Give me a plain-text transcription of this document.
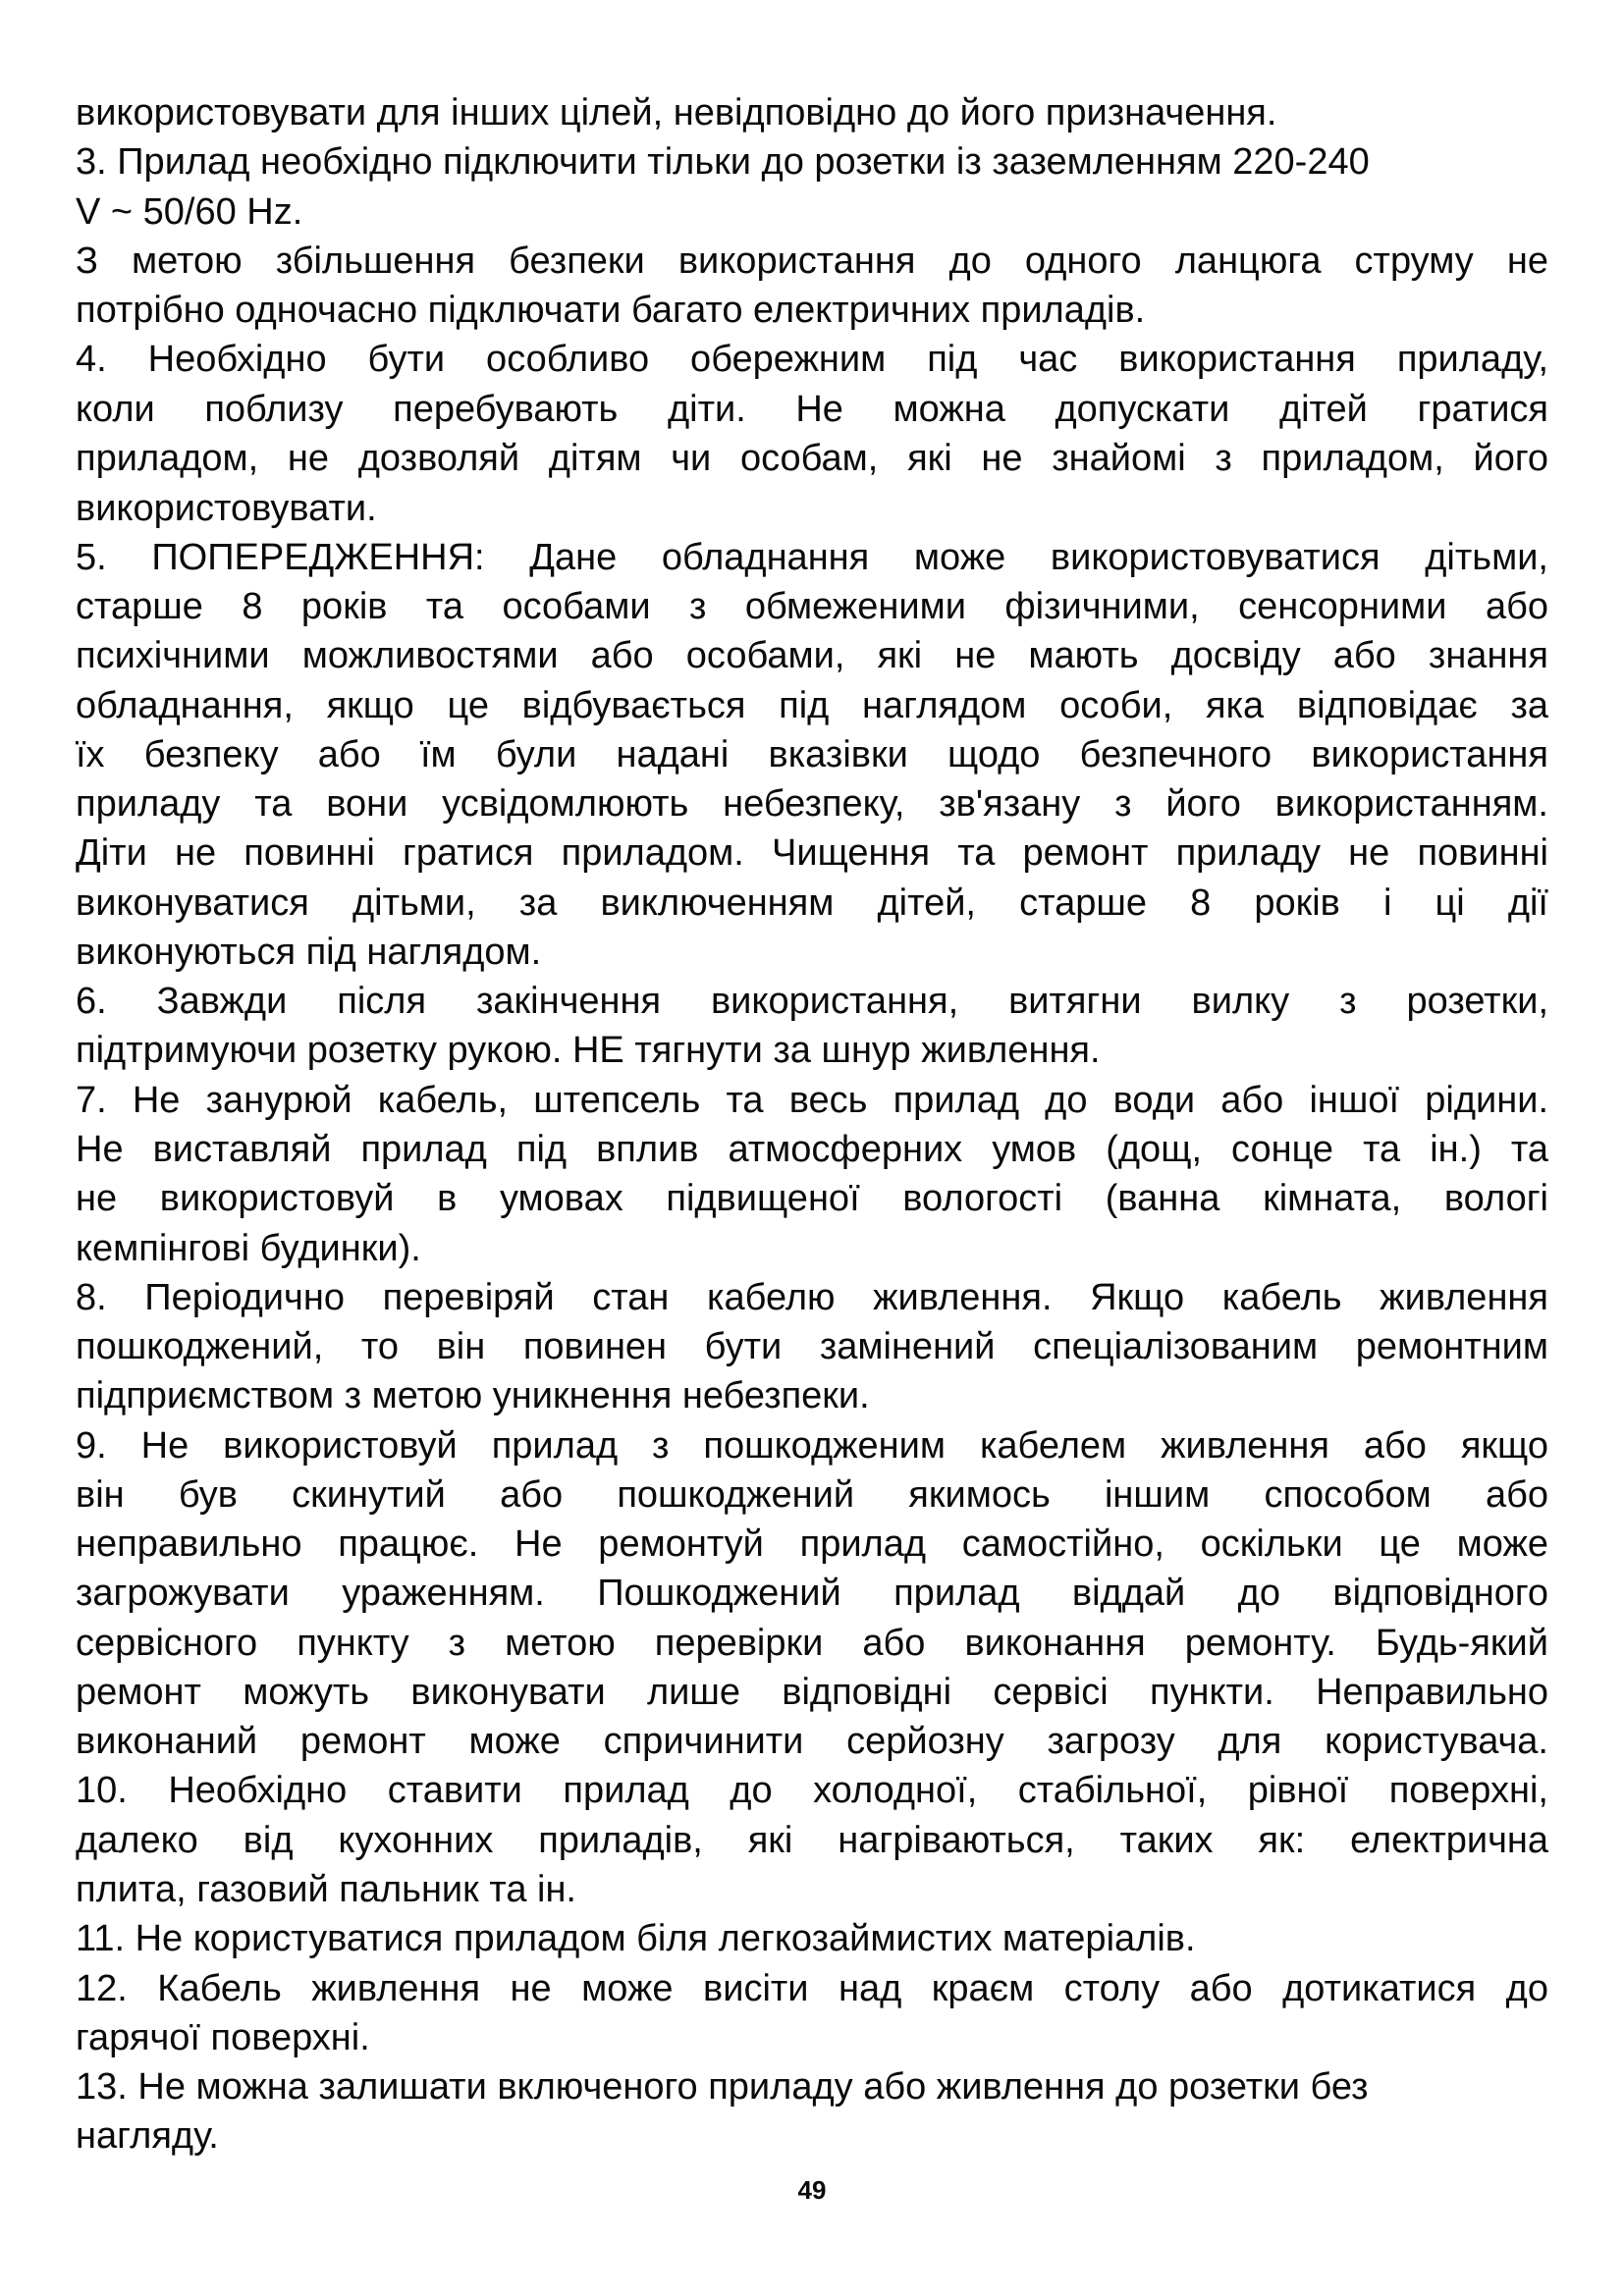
використовувати для інших цілей, невідповідно до його призначення.
3. Прилад необхідно підключити тільки до розетки із заземленням 220-240
V ~ 50/60 Hz.
З метою збільшення безпеки використання до одного ланцюга струму не
потрібно одночасно підключати багато електричних приладів.
4. Необхідно бути особливо обережним під час використання приладу,
коли поблизу перебувають діти. Не можна допускати дітей гратися
приладом, не дозволяй дітям чи особам, які не знайомі з приладом, його
використовувати.
5. ПОПЕРЕДЖЕННЯ: Дане обладнання може використовуватися дітьми,
старше 8 років та особами з обмеженими фізичними, сенсорними або
психічними можливостями або особами, які не мають досвіду або знання
обладнання, якщо це відбувається під наглядом особи, яка відповідає за
їх безпеку або їм були надані вказівки щодо безпечного використання
приладу та вони усвідомлюють небезпеку, зв'язану з його використанням.
Діти не повинні гратися приладом. Чищення та ремонт приладу не повинні
виконуватися дітьми, за виключенням дітей, старше 8 років і ці дії
виконуються під наглядом.
6. Завжди після закінчення використання, витягни вилку з розетки,
підтримуючи розетку рукою. НЕ тягнути за шнур живлення.
7. Не занурюй кабель, штепсель та весь прилад до води або іншої рідини.
Не виставляй прилад під вплив атмосферних умов (дощ, сонце та ін.) та
не використовуй в умовах підвищеної вологості (ванна кімната, вологі
кемпінгові будинки).
8. Періодично перевіряй стан кабелю живлення. Якщо кабель живлення
пошкоджений, то він повинен бути замінений спеціалізованим ремонтним
підприємством з метою уникнення небезпеки.
9. Не використовуй прилад з пошкодженим кабелем живлення або якщо
він був скинутий або пошкоджений якимось іншим способом або
неправильно працює. Не ремонтуй прилад самостійно, оскільки це може
загрожувати ураженням. Пошкоджений прилад віддай до відповідного
сервісного пункту з метою перевірки або виконання ремонту. Будь-який
ремонт можуть виконувати лише відповідні сервісі пункти. Неправильно
виконаний ремонт може спричинити серйозну загрозу для користувача.
10. Необхідно ставити прилад до холодної, стабільної, рівної поверхні,
далеко від кухонних приладів, які нагріваються, таких як: електрична
плита, газовий пальник та ін.
11. Не користуватися приладом біля легкозаймистих матеріалів.
12. Кабель живлення не може висіти над краєм столу або дотикатися до
гарячої поверхні.
13. Не можна залишати включеного приладу або живлення до розетки без
нагляду.
49
